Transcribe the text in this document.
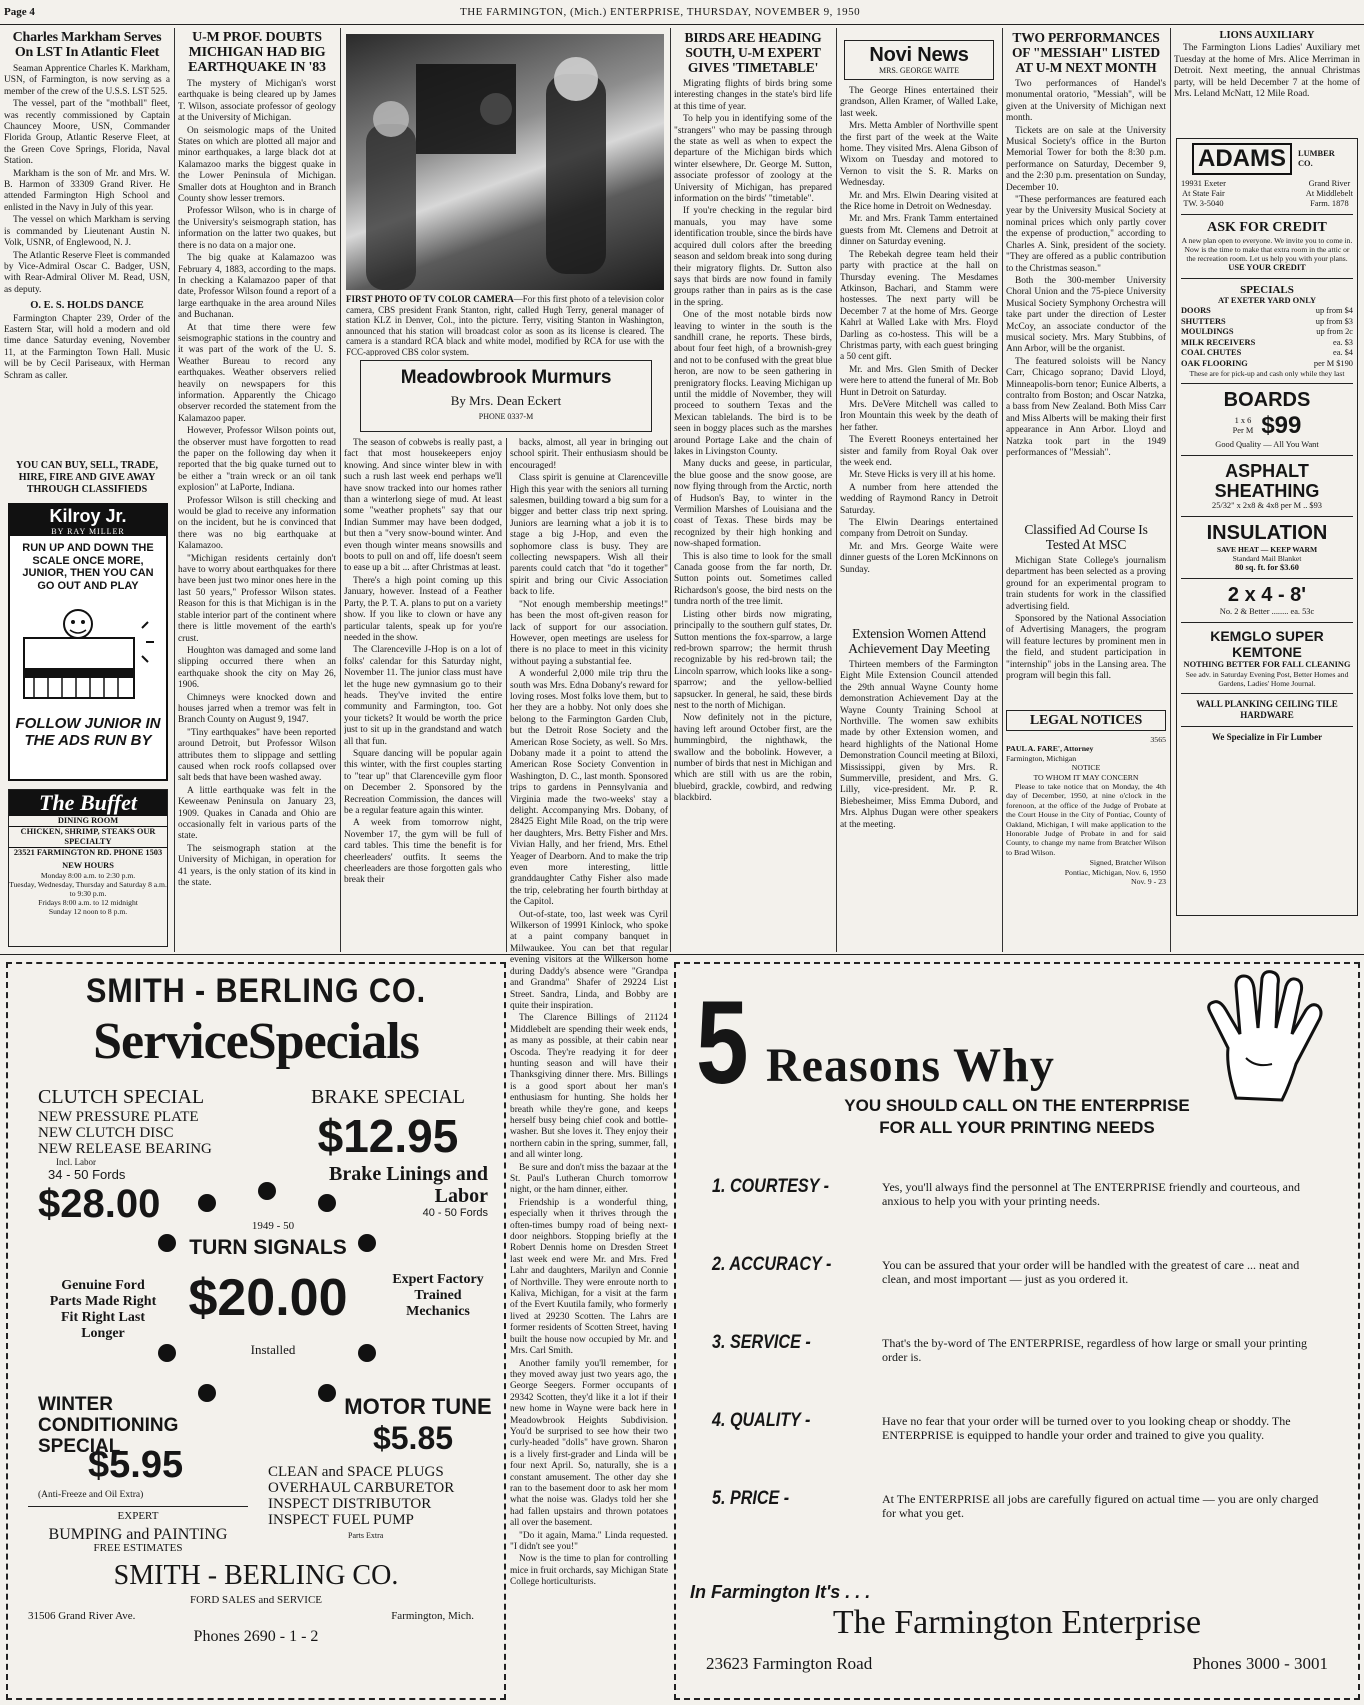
Page 4	THE FARMINGTON, (Mich.) ENTERPRISE, THURSDAY, NOVEMBER 9, 1950
Charles Markham Serves On LST In Atlantic Fleet

Seaman Apprentice Charles K. Markham, USN, of Farmington, is now serving as a member of the crew of the U.S.S. LST 525.

The vessel, part of the "mothball" fleet, was recently commissioned by Captain Chauncey Moore, USN, Commander Florida Group, Atlantic Reserve Fleet, at the Green Cove Springs, Florida, Naval Station.

Markham is the son of Mr. and Mrs. W. B. Harmon of 33309 Grand River. He attended Farmington High School and enlisted in the Navy in July of this year.

The vessel on which Markham is serving is commanded by Lieutenant Austin N. Volk, USNR, of Englewood, N. J.

The Atlantic Reserve Fleet is commanded by Vice-Admiral Oscar C. Badger, USN, with Rear-Admiral Oliver M. Read, USN, as deputy.

O. E. S. HOLDS DANCE

Farmington Chapter 239, Order of the Eastern Star, will hold a modern and old time dance Saturday evening, November 11, at the Farmington Town Hall. Music will be by Cecil Pariseaux, with Herman Schram as caller.

YOU CAN BUY, SELL, TRADE, HIRE, FIRE AND GIVE AWAY THROUGH CLASSIFIEDS
Kilroy Jr.
BY RAY MILLER
RUN UP AND DOWN THE SCALE ONCE MORE, JUNIOR, THEN YOU CAN GO OUT AND PLAY
FOLLOW JUNIOR IN THE ADS RUN BY
The Buffet
DINING ROOM
CHICKEN, SHRIMP, STEAKS OUR SPECIALTY
23521 FARMINGTON RD. PHONE 1503
NEW HOURS
Monday 8:00 a.m. to 2:30 p.m.
Tuesday, Wednesday, Thursday and Saturday 8 a.m. to 9:30 p.m.
Fridays 8:00 a.m. to 12 midnight
Sunday 12 noon to 8 p.m.
U-M PROF. DOUBTS MICHIGAN HAD BIG EARTHQUAKE IN '83

The mystery of Michigan's worst earthquake is being cleared up by James T. Wilson, associate professor of geology at the University of Michigan.

On seismologic maps of the United States on which are plotted all major and minor earthquakes, a large black dot at Kalamazoo marks the biggest quake in the Lower Peninsula of Michigan. Smaller dots at Houghton and in Branch County show lesser tremors.

Professor Wilson, who is in charge of the University's seismograph station, has information on the latter two quakes, but there is no data on a major one.

The big quake at Kalamazoo was February 4, 1883, according to the maps. In checking a Kalamazoo paper of that date, Professor Wilson found a report of a large earthquake in the area around Niles and Buchanan.

At that time there were few seismographic stations in the country and it was part of the work of the U. S. Weather Bureau to record any earthquakes. Weather observers relied heavily on newspapers for this information. Apparently the Chicago observer recorded the statement from the Kalamazoo paper.

However, Professor Wilson points out, the observer must have forgotten to read the paper on the following day when it reported that the big quake turned out to be either a "train wreck or an oil tank explosion" at LaPorte, Indiana.

Professor Wilson is still checking and would be glad to receive any information on the incident, but he is convinced that there was no big earthquake at Kalamazoo.

"Michigan residents certainly don't have to worry about earthquakes for there have been just two minor ones here in the last 50 years," Professor Wilson states. Reason for this is that Michigan is in the stable interior part of the continent where there is little movement of the earth's crust.

Houghton was damaged and some land slipping occurred there when an earthquake shook the city on May 26, 1906.

Chimneys were knocked down and houses jarred when a tremor was felt in Branch County on August 9, 1947.

"Tiny earthquakes" have been reported around Detroit, but Professor Wilson attributes them to slippage and settling caused when rock roofs collapsed over salt beds that have been washed away.

A little earthquake was felt in the Keweenaw Peninsula on January 23, 1909. Quakes in Canada and Ohio are occasionally felt in various parts of the state.

The seismograph station at the University of Michigan, in operation for 41 years, is the only station of its kind in the state.

FIRST PHOTO OF TV COLOR CAMERA—For this first photo of a television color camera, CBS president Frank Stanton, right, called Hugh Terry, general manager of station KLZ in Denver, Col., into the picture. Terry, visiting Stanton in Washington, announced that his station will broadcast color as soon as its license is cleared. The camera is a standard RCA black and white model, modified by RCA for use with the FCC-approved CBS color system.
Meadowbrook Murmurs
By Mrs. Dean Eckert
PHONE 0337-M

The season of cobwebs is really past, a fact that most housekeepers enjoy knowing. And since winter blew in with such a rush last week end perhaps we'll have snow tracked into our homes rather than a winterlong siege of mud. At least some "weather prophets" say that our Indian Summer may have been dodged, but then a "very snow-bound winter. And even though winter means snowsills and boots to pull on and off, life doesn't seem to ease up a bit ... after Christmas at least.

There's a high point coming up this January, however. Instead of a Feather Party, the P. T. A. plans to put on a variety show. If you like to clown or have any particular talents, speak up for you're needed in the show.

The Clarenceville J-Hop is on a lot of folks' calendar for this Saturday night, November 11. The junior class must have let the huge new gymnasium go to their heads. They've invited the entire community and Farmington, too. Got your tickets? It would be worth the price just to sit up in the grandstand and watch all that fun.

Square dancing will be popular again this winter, with the first couples starting to "tear up" that Clarenceville gym floor on December 2. Sponsored by the Recreation Commission, the dances will be a regular feature again this winter.

A week from tomorrow night, November 17, the gym will be full of card tables. This time the benefit is for cheerleaders' outfits. It seems the cheerleaders are those forgotten gals who break their

backs, almost, all year in bringing out school spirit. Their enthusiasm should be encouraged!

Class spirit is genuine at Clarenceville High this year with the seniors all turning salesmen, building toward a big sum for a bigger and better class trip next spring. Juniors are learning what a job it is to stage a big J-Hop, and even the sophomore class is busy. They are collecting newspapers. Wish all their parents could catch that "do it together" spirit and bring our Civic Association back to life.

"Not enough membership meetings!" has been the most oft-given reason for lack of support for our association. However, open meetings are useless for there is no place to meet in this vicinity without paying a substantial fee.

A wonderful 2,000 mile trip thru the south was Mrs. Edna Dobany's reward for loving roses. Most folks love them, but to her they are a hobby. Not only does she belong to the Farmington Garden Club, but the Detroit Rose Society and the American Rose Society, as well. So Mrs. Dobany made it a point to attend the American Rose Society Convention in Washington, D. C., last month. Sponsored trips to gardens in Pennsylvania and Virginia made the two-weeks' stay a delight. Accompanying Mrs. Dobany, of 28425 Eight Mile Road, on the trip were her daughters, Mrs. Betty Fisher and Mrs. Vivian Hally, and her friend, Mrs. Ethel Yeager of Dearborn. And to make the trip even more interesting, little granddaughter Cathy Fisher also made the trip, celebrating her fourth birthday at the Capitol.

Out-of-state, too, last week was Cyril Wilkerson of 19991 Kinlock, who spoke at a paint company banquet in Milwaukee. You can bet that regular evening visitors at the Wilkerson home during Daddy's absence were "Grandpa and Grandma" Shafer of 29224 List Street. Sandra, Linda, and Bobby are quite their inspiration.

The Clarence Billings of 21124 Middlebelt are spending their week ends, as many as possible, at their cabin near Oscoda. They're readying it for deer hunting season and will have their Thanksgiving dinner there. Mrs. Billings is a good sport about her man's enthusiasm for hunting. She holds her breath while they're gone, and keeps herself busy being chief cook and bottle-washer. But she loves it. They enjoy their northern cabin in the spring, summer, fall, and all winter long.

Be sure and don't miss the bazaar at the St. Paul's Lutheran Church tomorrow night, or the ham dinner, either.

Friendship is a wonderful thing, especially when it thrives through the often-times bumpy road of being next-door neighbors. Stopping briefly at the Robert Dennis home on Dresden Street last week end were Mr. and Mrs. Fred Lahr and daughters, Marilyn and Connie of Northville. They were enroute north to Kaliva, Michigan, for a visit at the farm of the Evert Kuutila family, who formerly lived at 29230 Scotten. The Lahrs are former residents of Scotten Street, having built the house now occupied by Mr. and Mrs. Carl Smith.

Another family you'll remember, for they moved away just two years ago, the George Seegers. Former occupants of 29342 Scotten, they'd like it a lot if their new home in Wayne were back here in Meadowbrook Heights Subdivision. You'd be surprised to see how their two curly-headed "dolls" have grown. Sharon is a lively first-grader and Linda will be four next April. So, naturally, she is a constant amusement. The other day she ran to the basement door to ask her mom what the noise was. Gladys told her she had fallen upstairs and thrown potatoes all over the basement.

"Do it again, Mama." Linda requested. "I didn't see you!"

Now is the time to plan for controlling mice in fruit orchards, say Michigan State College horticulturists.

BIRDS ARE HEADING SOUTH, U-M EXPERT GIVES 'TIMETABLE'

Migrating flights of birds bring some interesting changes in the state's bird life at this time of year.

To help you in identifying some of the "strangers" who may be passing through the state as well as when to expect the departure of the Michigan birds which winter elsewhere, Dr. George M. Sutton, associate professor of zoology at the University of Michigan, has prepared information on the birds' "timetable".

If you're checking in the regular bird manuals, you may have some identification trouble, since the birds have acquired dull colors after the breeding season and seldom break into song during their migratory flights. Dr. Sutton also says that birds are now found in family groups rather than in pairs as is the case in the spring.

One of the most notable birds now leaving to winter in the south is the sandhill crane, he reports. These birds, about four feet high, of a brownish-grey and not to be confused with the great blue heron, are now to be seen gathering in prenigratory flocks. Leaving Michigan up until the middle of November, they will proceed to southern Texas and the Mexican tablelands. The bird is to be seen in boggy places such as the marshes around Portage Lake and the chain of lakes in Livingston County.

Many ducks and geese, in particular, the blue goose and the snow goose, are now flying through from the Arctic, north of Hudson's Bay, to winter in the Vermilion Marshes of Louisiana and the coast of Texas. These birds may be recognized by their high honking and now-shaped formation.

This is also time to look for the small Canada goose from the far north, Dr. Sutton points out. Sometimes called Richardson's goose, the bird nests on the tundra north of the tree limit.

Listing other birds now migrating, principally to the southern gulf states, Dr. Sutton mentions the fox-sparrow, a large red-brown sparrow; the hermit thrush recognizable by his red-brown tail; the Lincoln sparrow, which looks like a song-sparrow; and the yellow-bellied sapsucker. In general, he said, these birds nest to the north of Michigan.

Now definitely not in the picture, having left around October first, are the hummingbird, the nighthawk, the swallow and the bobolink. However, a number of birds that nest in Michigan and which are still with us are the robin, bluebird, grackle, cowbird, and redwing blackbird.

Novi News
MRS. GEORGE WAITE

The George Hines entertained their grandson, Allen Kramer, of Walled Lake, last week.

Mrs. Metta Ambler of Northville spent the first part of the week at the Waite home. They visited Mrs. Alena Gibson of Wixom on Tuesday and motored to Vernon to visit the S. R. Marks on Wednesday.

Mr. and Mrs. Elwin Dearing visited at the Rice home in Detroit on Wednesday.

Mr. and Mrs. Frank Tamm entertained guests from Mt. Clemens and Detroit at dinner on Saturday evening.

The Rebekah degree team held their party with practice at the hall on Thursday evening. The Mesdames Atkinson, Bachari, and Stamm were hostesses. The next party will be December 7 at the home of Mrs. George Kahrl at Walled Lake with Mrs. Floyd Darling as co-hostess. This will be a Christmas party, with each guest bringing a 50 cent gift.

Mr. and Mrs. Glen Smith of Decker were here to attend the funeral of Mr. Bob Hunt in Detroit on Saturday.

Mrs. DeVere Mitchell was called to Iron Mountain this week by the death of her father.

The Everett Rooneys entertained her sister and family from Royal Oak over the week end.

Mr. Steve Hicks is very ill at his home.

A number from here attended the wedding of Raymond Rancy in Detroit Saturday.

The Elwin Dearings entertained company from Detroit on Sunday.

Mr. and Mrs. George Waite were dinner guests of the Loren McKinnons on Sunday.

Extension Women Attend Achievement Day Meeting

Thirteen members of the Farmington Eight Mile Extension Council attended the 29th annual Wayne County home demonstration Achievement Day at the Wayne County Training School at Northville. The women saw exhibits made by other Extension women, and heard highlights of the National Home Demonstration Council meeting at Biloxi, Mississippi, given by Mrs. R. Summerville, president, and Mrs. G. Lilly, vice-president. Mr. P. R. Biebesheimer, Miss Emma Dubord, and Mrs. Alphus Dugan were other speakers at the meeting.

TWO PERFORMANCES OF "MESSIAH" LISTED AT U-M NEXT MONTH

Two performances of Handel's monumental oratorio, "Messiah", will be given at the University of Michigan next month.

Tickets are on sale at the University Musical Society's office in the Burton Memorial Tower for both the 8:30 p.m. performance on Saturday, December 9, and the 2:30 p.m. presentation on Sunday, December 10.

"These performances are featured each year by the University Musical Society at nominal prices which only partly cover the expense of production," according to Charles A. Sink, president of the society. "They are offered as a public contribution to the Christmas season."

Both the 300-member University Choral Union and the 75-piece University Musical Society Symphony Orchestra will take part under the direction of Lester McCoy, an associate conductor of the musical society. Mrs. Mary Stubbins, of Ann Arbor, will be the organist.

The featured soloists will be Nancy Carr, Chicago soprano; David Lloyd, Minneapolis-born tenor; Eunice Alberts, a contralto from Boston; and Oscar Natzka, a bass from New Zealand. Both Miss Carr and Miss Alberts will be making their first appearance in Ann Arbor. Lloyd and Natzka took part in the 1949 performances of "Messiah".

Classified Ad Course Is Tested At MSC

Michigan State College's journalism department has been selected as a proving ground for an experimental program to train students for work in the classified advertising field.

Sponsored by the National Association of Advertising Managers, the program will feature lectures by prominent men in the field, and student participation in "internship" jobs in the Lansing area. The program will begin this fall.

LEGAL NOTICES
3565
PAUL A. FARE', Attorney
Farmington, Michigan
NOTICE
TO WHOM IT MAY CONCERN

Please to take notice that on Monday, the 4th day of December, 1950, at nine o'clock in the forenoon, at the office of the Judge of Probate at the Court House in the City of Pontiac, County of Oakland, Michigan, I will make application to the Honorable Judge of Probate in and for said County, to change my name from Bratcher Wilson to Brad Wilson.

Signed, Bratcher Wilson
Pontiac, Michigan, Nov. 6, 1950
Nov. 9 - 23
LIONS AUXILIARY

The Farmington Lions Ladies' Auxiliary met Tuesday at the home of Mrs. Alice Merriman in Detroit. Next meeting, the annual Christmas party, will be held December 7 at the home of Mrs. Leland McNatt, 12 Mile Road.

ADAMS	LUMBER CO.
19931 Exeter
At State Fair
TW. 3-5040
Grand River
At Middlebelt
Farm. 1878
ASK FOR CREDIT
A new plan open to everyone. We invite you to come in. Now is the time to make that extra room in the attic or the recreation room. Let us help you with your plans.
USE YOUR CREDIT
SPECIALS
AT EXETER YARD ONLY
DOORS	up from $4
SHUTTERS	up from $3
MOULDINGS	up from 2c
MILK RECEIVERS	ea. $3
COAL CHUTES	ea. $4
OAK FLOORING	per M $190
These are for pick-up and cash only while they last
BOARDS
1 x 6
Per M $99
Good Quality — All You Want
ASPHALT SHEATHING
25/32" x 2x8 & 4x8 per M .. $93
INSULATION
SAVE HEAT — KEEP WARM
Standard Mail Blanket
80 sq. ft. for $3.60
2 x 4 - 8'
No. 2 & Better ........ ea. 53c
KEMGLO SUPER KEMTONE
NOTHING BETTER FOR FALL CLEANING
See adv. in Saturday Evening Post, Better Homes and Gardens, Ladies' Home Journal.
WALL PLANKING CEILING TILE HARDWARE
We Specialize in Fir Lumber
SMITH - BERLING CO.
ServiceSpecials
CLUTCH SPECIAL
NEW PRESSURE PLATE
NEW CLUTCH DISC
NEW RELEASE BEARING
Incl. Labor
34 - 50 Fords
$28.00
BRAKE SPECIAL
$12.95
Brake Linings and Labor
40 - 50 Fords
1949 - 50
TURN SIGNALS
$20.00
Installed
Genuine Ford Parts Made Right Fit Right Last Longer
Expert Factory Trained Mechanics
WINTER CONDITIONING SPECIAL
$5.95
(Anti-Freeze and Oil Extra)
MOTOR TUNE
$5.85
CLEAN and SPACE PLUGS
OVERHAUL CARBURETOR
INSPECT DISTRIBUTOR
INSPECT FUEL PUMP
Parts Extra
EXPERT
BUMPING and PAINTING
FREE ESTIMATES
SMITH - BERLING CO.
FORD SALES and SERVICE
31506 Grand River Ave.	Farmington, Mich.
Phones 2690 - 1 - 2
5 Reasons Why
YOU SHOULD CALL ON THE ENTERPRISE
FOR ALL YOUR PRINTING NEEDS
1. COURTESY -	Yes, you'll always find the personnel at The ENTERPRISE friendly and courteous, and anxious to help you with your printing needs.
2. ACCURACY -	You can be assured that your order will be handled with the greatest of care ... neat and clean, and most important — just as you ordered it.
3. SERVICE -	That's the by-word of The ENTERPRISE, regardless of how large or small your printing order is.
4. QUALITY -	Have no fear that your order will be turned over to you looking cheap or shoddy. The ENTERPRISE is equipped to handle your order and trained to give you quality.
5. PRICE -	At The ENTERPRISE all jobs are carefully figured on actual time — you are only charged for what you get.
In Farmington It's . . .
The Farmington Enterprise
23623 Farmington Road	Phones 3000 - 3001
